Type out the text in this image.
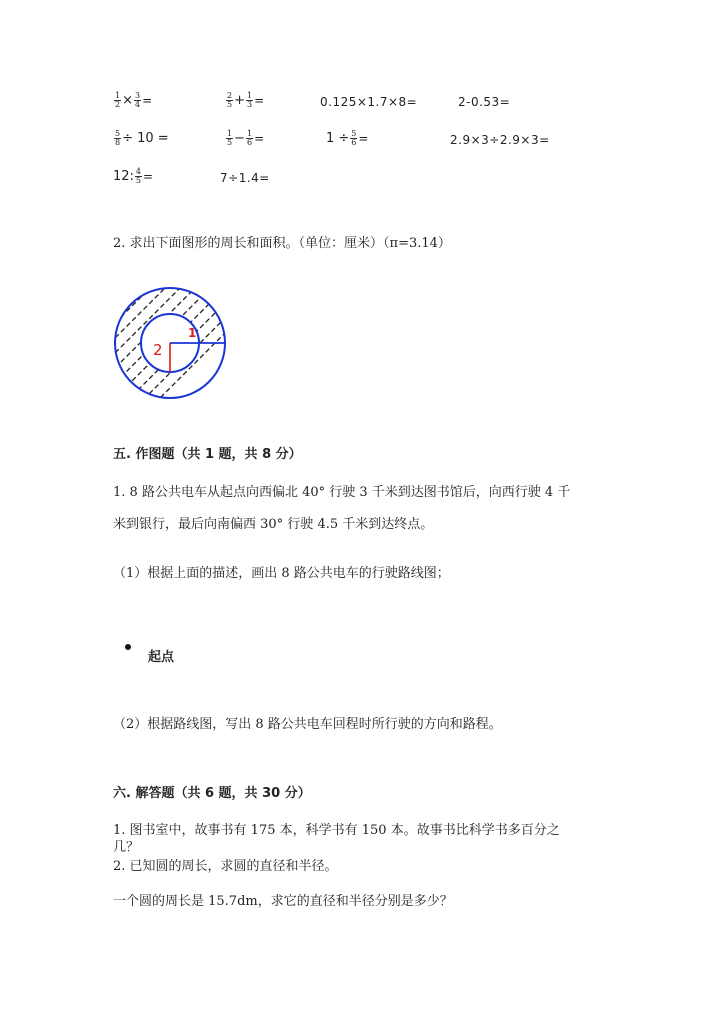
$\frac{1}{2} \times \frac{3}{4}$ =	$\frac{2}{5} + \frac{1}{3}$ =	0.125×1.7×8=	2-0.53=
$\frac{5}{8} \div 10$ =	$\frac{1}{5} - \frac{1}{6}$ =	$1 \div \frac{5}{6}$ =	2.9×3÷2.9×3=
12: $\frac{4}{5}$ =	7÷1.4=
2. 求出下面图形的周长和面积。（单位：厘米）（π=3.14）
2
1
五. 作图题（共 1 题，共 8 分）
1. 8 路公共电车从起点向西偏北 40° 行驶 3 千米到达图书馆后，向西行驶 4 千
米到银行，最后向南偏西 30° 行驶 4.5 千米到达终点。
（1）根据上面的描述，画出 8 路公共电车的行驶路线图；
起点
（2）根据路线图，写出 8 路公共电车回程时所行驶的方向和路程。
六. 解答题（共 6 题，共 30 分）
1. 图书室中，故事书有 175 本，科学书有 150 本。故事书比科学书多百分之
几？
2. 已知圆的周长，求圆的直径和半径。
一个圆的周长是 15.7dm，求它的直径和半径分别是多少？
